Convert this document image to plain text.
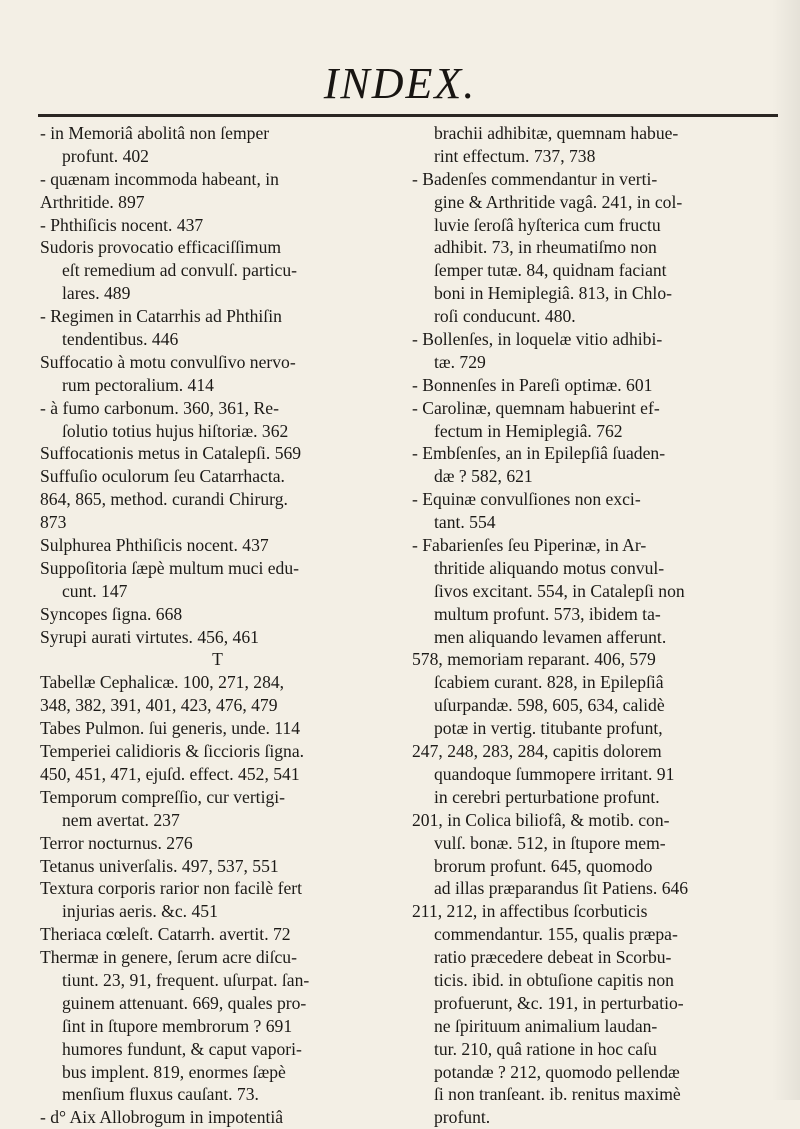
INDEX.
- in Memoriâ abolitâ non ſemper
profunt. 402
- quænam incommoda habeant, in
Arthritide. 897
- Phthiſicis nocent. 437
Sudoris provocatio efficaciſſimum
eſt remedium ad convulſ. particu-
lares. 489
- Regimen in Catarrhis ad Phthiſin
tendentibus. 446
Suffocatio à motu convulſivo nervo-
rum pectoralium. 414
- à fumo carbonum. 360, 361, Re-
ſolutio totius hujus hiſtoriæ. 362
Suffocationis metus in Catalepſi. 569
Suffuſio oculorum ſeu Catarrhacta.
864, 865, method. curandi Chirurg.
873
Sulphurea Phthiſicis nocent. 437
Suppoſitoria ſæpè multum muci edu-
cunt. 147
Syncopes ſigna. 668
Syrupi aurati virtutes. 456, 461
T
Tabellæ Cephalicæ. 100, 271, 284,
348, 382, 391, 401, 423, 476, 479
Tabes Pulmon. ſui generis, unde. 114
Temperiei calidioris & ſiccioris ſigna.
450, 451, 471, ejuſd. effect. 452, 541
Temporum compreſſio, cur vertigi-
nem avertat. 237
Terror nocturnus. 276
Tetanus univerſalis. 497, 537, 551
Textura corporis rarior non facilè fert
injurias aeris. &c. 451
Theriaca cœleſt. Catarrh. avertit. 72
Thermæ in genere, ſerum acre diſcu-
tiunt. 23, 91, frequent. uſurpat. ſan-
guinem attenuant. 669, quales pro-
ſint in ſtupore membrorum ? 691
humores fundunt, & caput vapori-
bus implent. 819, enormes ſæpè
menſium fluxus cauſant. 73.
- d° Aix Allobrogum in impotentiâ
brachii adhibitæ, quemnam habue-
rint effectum. 737, 738
- Badenſes commendantur in verti-
gine & Arthritide vagâ. 241, in col-
luvie ſeroſâ hyſterica cum fructu
adhibit. 73, in rheumatiſmo non
ſemper tutæ. 84, quidnam faciant
boni in Hemiplegiâ. 813, in Chlo-
roſi conducunt. 480.
- Bollenſes, in loquelæ vitio adhibi-
tæ. 729
- Bonnenſes in Pareſi optimæ. 601
- Carolinæ, quemnam habuerint ef-
fectum in Hemiplegiâ. 762
- Embſenſes, an in Epilepſiâ ſuaden-
dæ ? 582, 621
- Equinæ convulſiones non exci-
tant. 554
- Fabarienſes ſeu Piperinæ, in Ar-
thritide aliquando motus convul-
ſivos excitant. 554, in Catalepſi non
multum profunt. 573, ibidem ta-
men aliquando levamen afferunt.
578, memoriam reparant. 406, 579
ſcabiem curant. 828, in Epilepſiâ
uſurpandæ. 598, 605, 634, calidè
potæ in vertig. titubante profunt,
247, 248, 283, 284, capitis dolorem
quandoque ſummopere irritant. 91
in cerebri perturbatione profunt.
201, in Colica biliofâ, & motib. con-
vulſ. bonæ. 512, in ſtupore mem-
brorum profunt. 645, quomodo
ad illas præparandus ſit Patiens. 646
211, 212, in affectibus ſcorbuticis
commendantur. 155, qualis præpa-
ratio præcedere debeat in Scorbu-
ticis. ibid. in obtuſione capitis non
profuerunt, &c. 191, in perturbatio-
ne ſpirituum animalium laudan-
tur. 210, quâ ratione in hoc caſu
potandæ ? 212, quomodo pellendæ
ſi non tranſeant. ib. renitus maximè
profunt.
